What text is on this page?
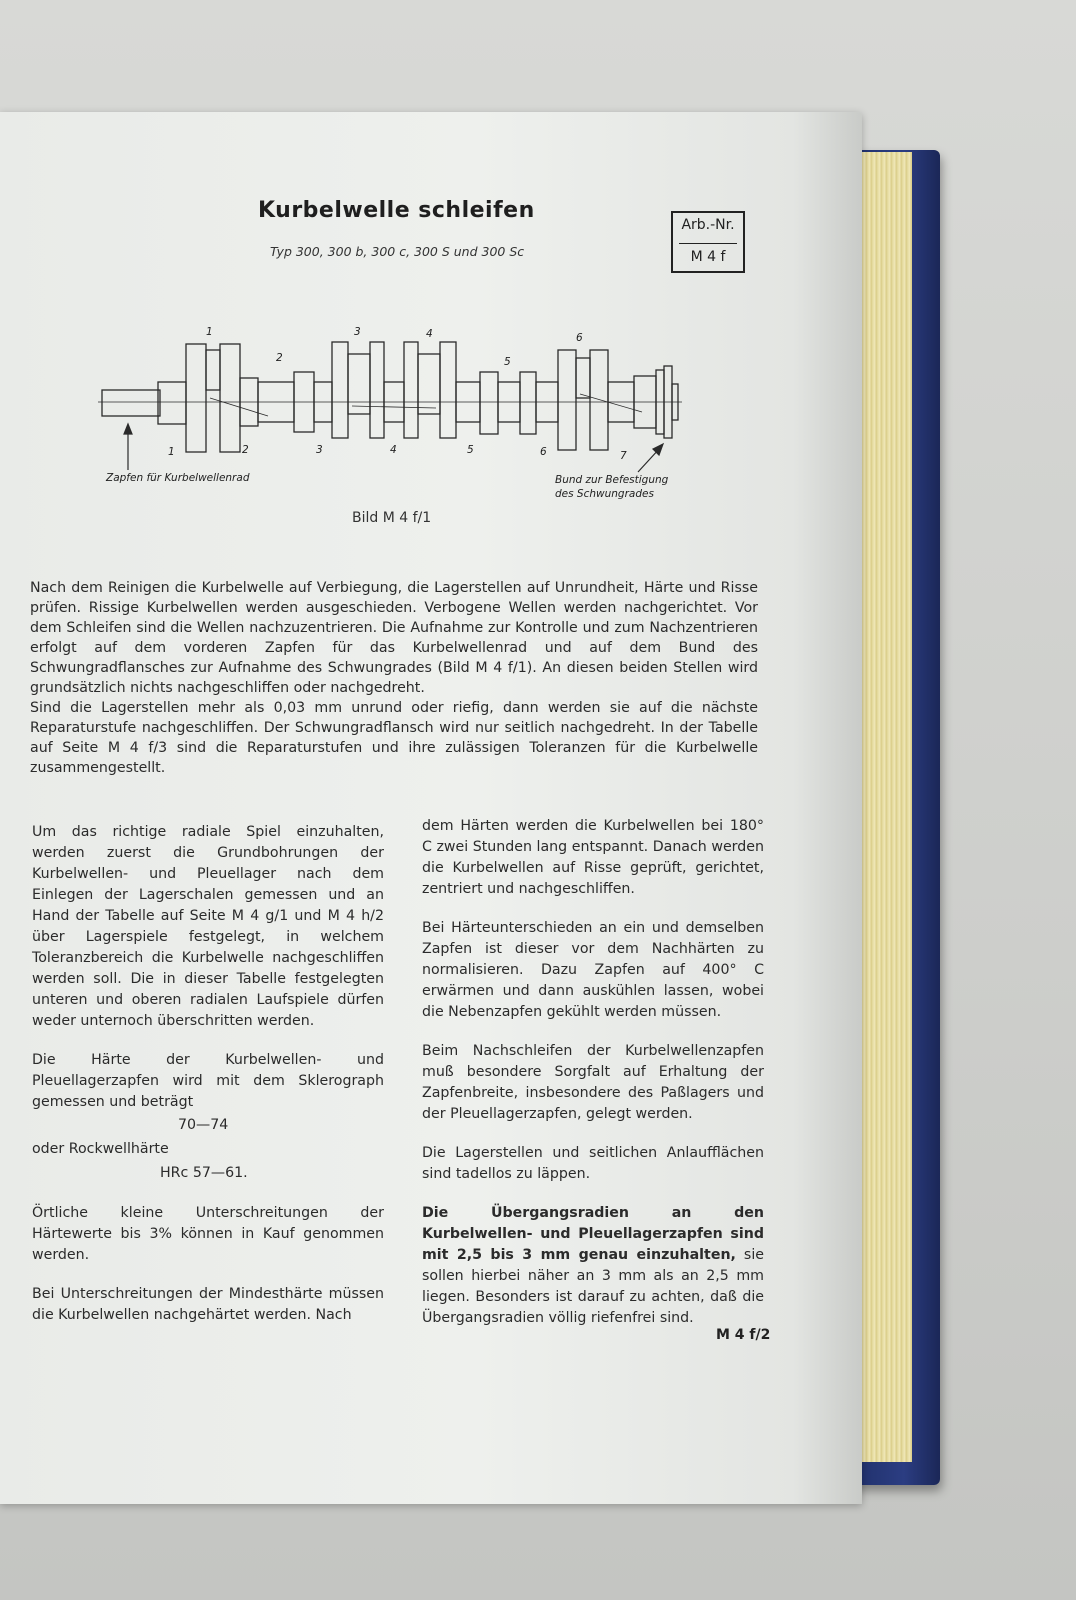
Kurbelwelle schleifen
Typ 300, 300 b, 300 c, 300 S und 300 Sc
Arb.-Nr.
M 4 f
1
2
3	4
5
6
1	2	3	4	5	6	7
Zapfen für Kurbelwellenrad	Bund zur Befestigung
des Schwungrades
Bild M 4 f/1
Nach dem Reinigen die Kurbelwelle auf Verbiegung, die Lagerstellen auf Unrundheit, Härte und Risse prüfen. Rissige Kurbelwellen werden ausgeschieden. Verbogene Wellen werden nachgerichtet. Vor dem Schleifen sind die Wellen nachzuzentrieren. Die Aufnahme zur Kontrolle und zum Nachzentrieren erfolgt auf dem vorderen Zapfen für das Kurbelwellenrad und auf dem Bund des Schwungradflansches zur Aufnahme des Schwungrades (Bild M 4 f/1). An diesen beiden Stellen wird grundsätzlich nichts nachgeschliffen oder nachgedreht.
Sind die Lagerstellen mehr als 0,03 mm unrund oder riefig, dann werden sie auf die nächste Reparaturstufe nachgeschliffen. Der Schwungradflansch wird nur seitlich nachgedreht. In der Tabelle auf Seite M 4 f/3 sind die Reparaturstufen und ihre zulässigen Toleranzen für die Kurbelwelle zusammengestellt.

Um das richtige radiale Spiel einzuhalten, werden zuerst die Grundbohrungen der Kurbelwellen- und Pleuellager nach dem Einlegen der Lagerschalen gemessen und an Hand der Tabelle auf Seite M 4 g/1 und M 4 h/2 über Lagerspiele festgelegt, in welchem Toleranzbereich die Kurbelwelle nachgeschliffen werden soll. Die in dieser Tabelle festgelegten unteren und oberen radialen Laufspiele dürfen weder unternoch überschritten werden.

Die Härte der Kurbelwellen- und Pleuellagerzapfen wird mit dem Sklerograph gemessen und beträgt

70—74
oder Rockwellhärte
HRc 57—61.

Örtliche kleine Unterschreitungen der Härtewerte bis 3% können in Kauf genommen werden.

Bei Unterschreitungen der Mindesthärte müssen die Kurbelwellen nachgehärtet werden. Nach

dem Härten werden die Kurbelwellen bei 180° C zwei Stunden lang entspannt. Danach werden die Kurbelwellen auf Risse geprüft, gerichtet, zentriert und nachgeschliffen.

Bei Härteunterschieden an ein und demselben Zapfen ist dieser vor dem Nachhärten zu normalisieren. Dazu Zapfen auf 400° C erwärmen und dann auskühlen lassen, wobei die Nebenzapfen gekühlt werden müssen.

Beim Nachschleifen der Kurbelwellenzapfen muß besondere Sorgfalt auf Erhaltung der Zapfenbreite, insbesondere des Paßlagers und der Pleuellagerzapfen, gelegt werden.

Die Lagerstellen und seitlichen Anlaufflächen sind tadellos zu läppen.

Die Übergangsradien an den Kurbelwellen- und Pleuellagerzapfen sind mit 2,5 bis 3 mm genau einzuhalten, sie sollen hierbei näher an 3 mm als an 2,5 mm liegen. Besonders ist darauf zu achten, daß die Übergangsradien völlig riefenfrei sind.

M 4 f/2
